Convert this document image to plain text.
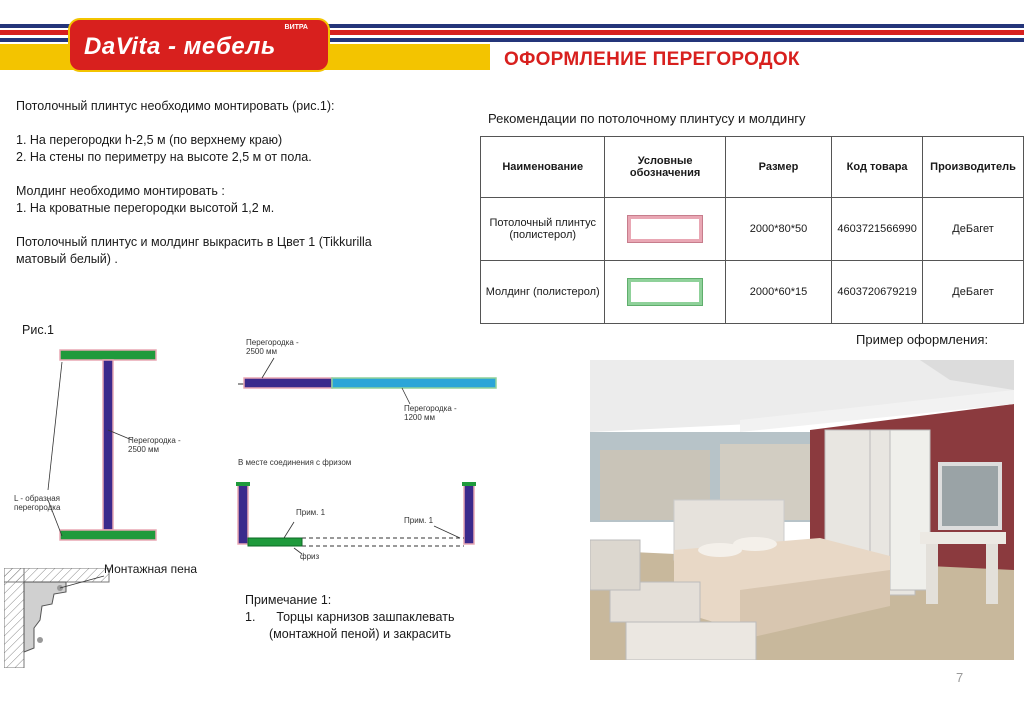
ВИТРА
DaVita - мебель	ОФОРМЛЕНИЕ ПЕРЕГОРОДОК
Потолочный плинтус необходимо монтировать (рис.1):
1. На перегородки h-2,5 м (по верхнему краю)
2. На стены по периметру на высоте 2,5 м от пола.
Молдинг необходимо монтировать :
1. На кроватные перегородки высотой 1,2 м.
Потолочный плинтус и молдинг выкрасить в Цвет 1 (Tikkurilla
матовый белый) .
Рекомендации по потолочному плинтусу и молдингу
Наименование	Условные обозначения	Размер	Код товара	Производитель
Потолочный плинтус (полистерол)		2000*80*50	4603721566990	ДеБагет
Молдинг (полистерол)		2000*60*15	4603720679219	ДеБагет
Рис.1
Перегородка - 2500 мм
L - образная перегородка
Монтажная пена
Перегородка - 2500 мм
Перегородка - 1200 мм
В месте соединения с фризом
Прим. 1
Прим. 1
фриз
Примечание 1:
1. Торцы карнизов зашпаклевать
(монтажной пеной) и закрасить
Пример оформления:
7
